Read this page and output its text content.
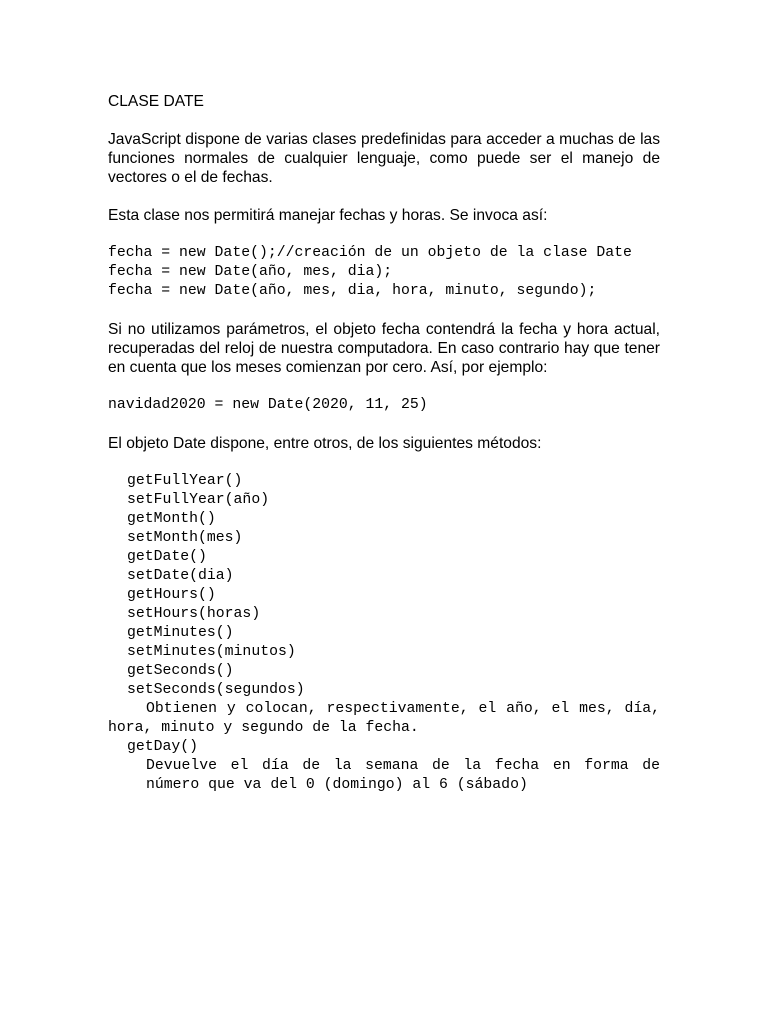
CLASE DATE

JavaScript dispone de varias clases predefinidas para acceder a muchas de las funciones normales de cualquier lenguaje, como puede ser el manejo de vectores o el de fechas.

Esta clase nos permitirá manejar fechas y horas. Se invoca así:

fecha = new Date();//creación de un objeto de la clase Date

fecha = new Date(año, mes, dia);

fecha = new Date(año, mes, dia, hora, minuto, segundo);

Si no utilizamos parámetros, el objeto fecha contendrá la fecha y hora actual, recuperadas del reloj de nuestra computadora. En caso contrario hay que tener en cuenta que los meses comienzan por cero. Así, por ejemplo:

navidad2020 = new Date(2020, 11, 25)

El objeto Date dispone, entre otros, de los siguientes métodos:

getFullYear()

setFullYear(año)

getMonth()

setMonth(mes)

getDate()

setDate(dia)

getHours()

setHours(horas)

getMinutes()

setMinutes(minutos)

getSeconds()

setSeconds(segundos)

Obtienen y colocan, respectivamente, el año, el mes, día, hora, minuto y segundo de la fecha.

getDay()

Devuelve el día de la semana de la fecha en forma de número que va del 0 (domingo) al 6 (sábado)
